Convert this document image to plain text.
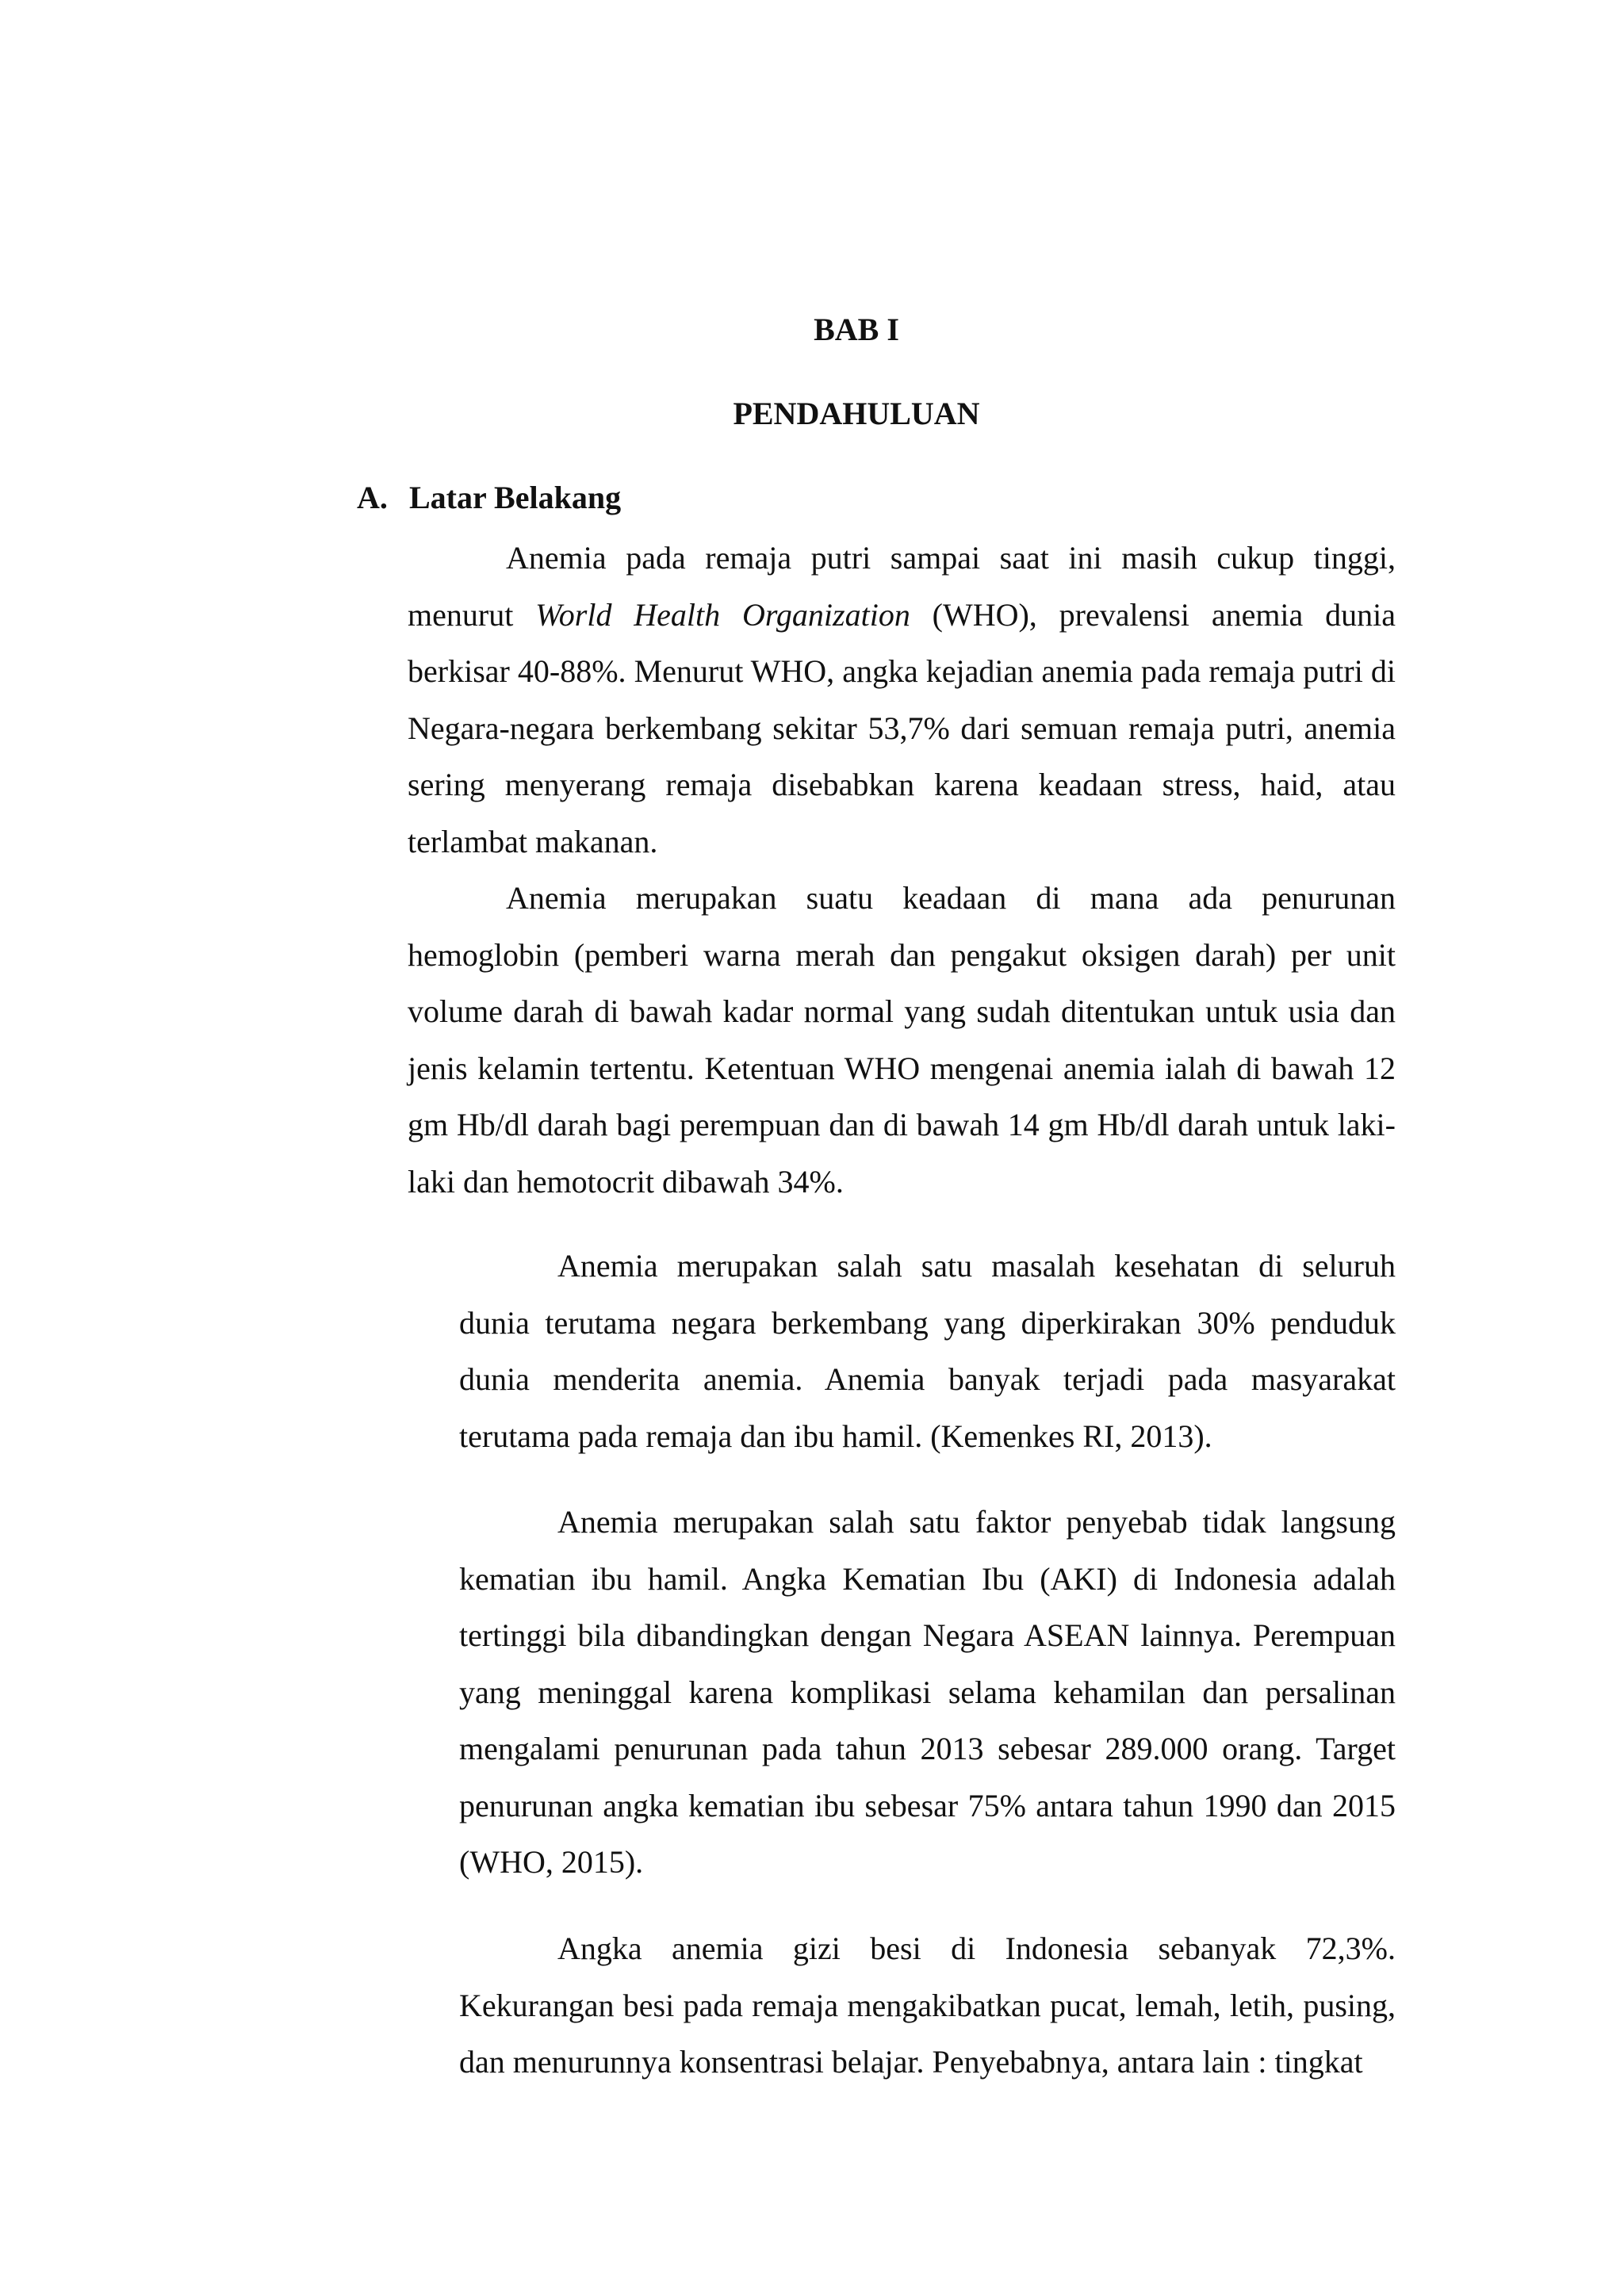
BAB I
PENDAHULUAN
A. Latar Belakang

Anemia pada remaja putri sampai saat ini masih cukup tinggi, menurut World Health Organization (WHO), prevalensi anemia dunia berkisar 40-88%. Menurut WHO, angka kejadian anemia pada remaja putri di Negara-negara berkembang sekitar 53,7% dari semuan remaja putri, anemia sering menyerang remaja disebabkan karena keadaan stress, haid, atau terlambat makanan.

Anemia merupakan suatu keadaan di mana ada penurunan hemoglobin (pemberi warna merah dan pengakut oksigen darah) per unit volume darah di bawah kadar normal yang sudah ditentukan untuk usia dan jenis kelamin tertentu. Ketentuan WHO mengenai anemia ialah di bawah 12 gm Hb/dl darah bagi perempuan dan di bawah 14 gm Hb/dl darah untuk laki-laki dan hemotocrit dibawah 34%.

Anemia merupakan salah satu masalah kesehatan di seluruh dunia terutama negara berkembang yang diperkirakan 30% penduduk dunia menderita anemia. Anemia banyak terjadi pada masyarakat terutama pada remaja dan ibu hamil. (Kemenkes RI, 2013).

Anemia merupakan salah satu faktor penyebab tidak langsung kematian ibu hamil. Angka Kematian Ibu (AKI) di Indonesia adalah tertinggi bila dibandingkan dengan Negara ASEAN lainnya. Perempuan yang meninggal karena komplikasi selama kehamilan dan persalinan mengalami penurunan pada tahun 2013 sebesar 289.000 orang. Target penurunan angka kematian ibu sebesar 75% antara tahun 1990 dan 2015 (WHO, 2015).

Angka anemia gizi besi di Indonesia sebanyak 72,3%. Kekurangan besi pada remaja mengakibatkan pucat, lemah, letih, pusing, dan menurunnya konsentrasi belajar. Penyebabnya, antara lain : tingkat
